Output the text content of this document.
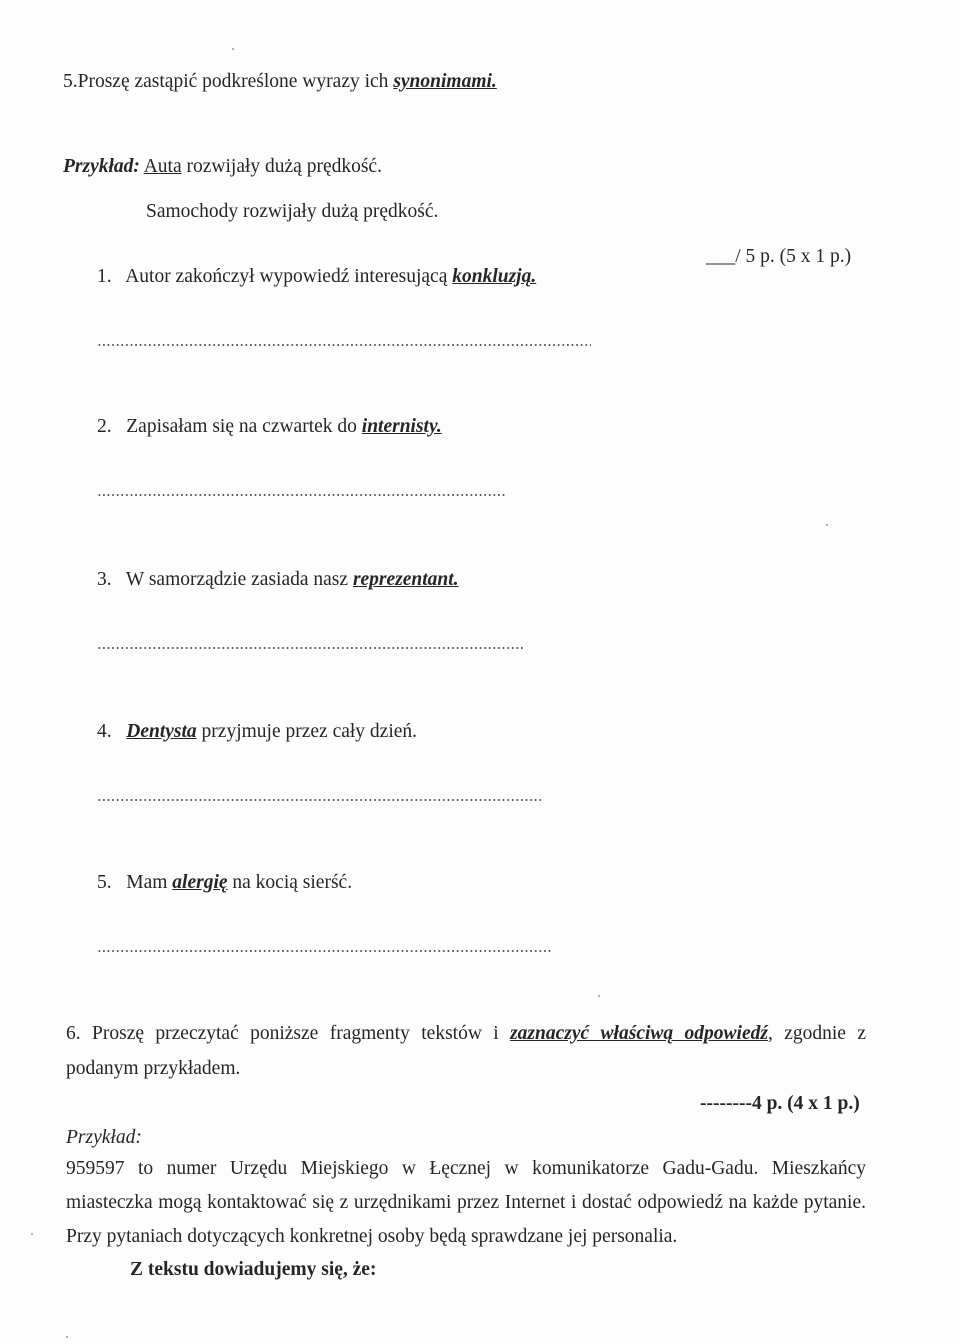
5.Proszę zastąpić podkreślone wyrazy ich synonimami.
Przykład: Auta rozwijały dużą prędkość.
Samochody rozwijały dużą prędkość.
___/ 5 p. (5 x 1 p.)
1. Autor zakończył wypowiedź interesującą konkluzją.
2. Zapisałam się na czwartek do internisty.
3. W samorządzie zasiada nasz reprezentant.
4. Dentysta przyjmuje przez cały dzień.
5. Mam alergię na kocią sierść.
6. Proszę przeczytać poniższe fragmenty tekstów i zaznaczyć właściwą odpowiedź, zgodnie z
podanym przykładem.
--------4 p. (4 x 1 p.)
Przykład:
959597 to numer Urzędu Miejskiego w Łęcznej w komunikatorze Gadu-Gadu. Mieszkańcy
miasteczka mogą kontaktować się z urzędnikami przez Internet i dostać odpowiedź na każde pytanie.
Przy pytaniach dotyczących konkretnej osoby będą sprawdzane jej personalia.
Z tekstu dowiadujemy się, że:
